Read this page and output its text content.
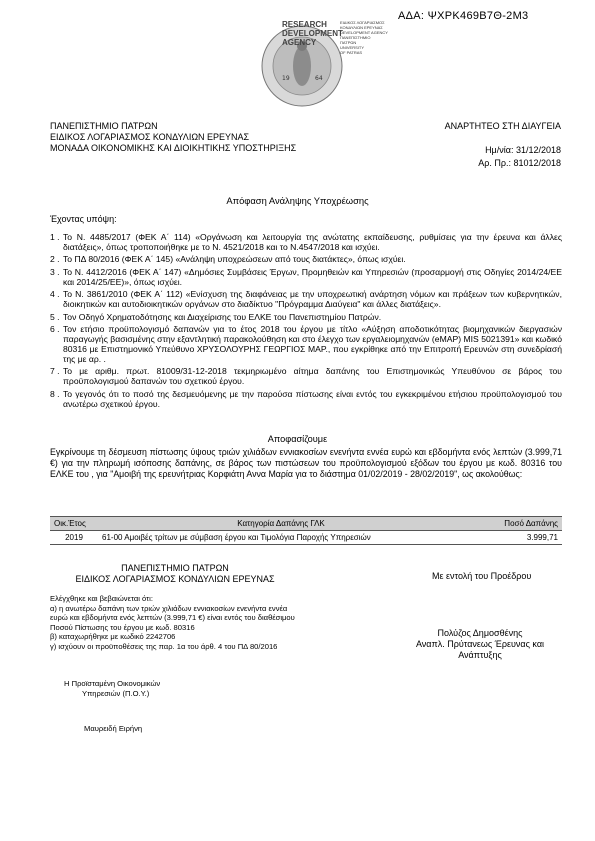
ΑΔΑ: ΨΧΡΚ469Β7Θ-2Μ3
19	64
RESEARCH
DEVELOPMENT
AGENCY
ΕΙΔΙΚΟΣ ΛΟΓΑΡΙΑΣΜΟΣ
ΚΟΝΔΥΛΙΩΝ ΕΡΕΥΝΑΣ
DEVELOPMENT AGENCY
ΠΑΝΕΠΙΣΤΗΜΙΟ
ΠΑΤΡΩΝ
UNIVERSITY
OF PATRAS
ΠΑΝΕΠΙΣΤΗΜΙΟ ΠΑΤΡΩΝ
ΕΙΔΙΚΟΣ ΛΟΓΑΡΙΑΣΜΟΣ ΚΟΝΔΥΛΙΩΝ ΕΡΕΥΝΑΣ
ΜΟΝΑΔΑ ΟΙΚΟΝΟΜΙΚΗΣ ΚΑΙ ΔΙΟΙΚΗΤΙΚΗΣ ΥΠΟΣΤΗΡΙΞΗΣ
ΑΝΑΡΤΗΤΕΟ ΣΤΗ ΔΙΑΥΓΕΙΑ
Ημ/νία: 31/12/2018
Αρ. Πρ.: 81012/2018
Απόφαση Ανάληψης Υποχρέωσης
Έχοντας υπόψη:
1 . Το Ν. 4485/2017 (ΦΕΚ Α΄ 114) «Οργάνωση και λειτουργία της ανώτατης εκπαίδευσης, ρυθμίσεις για την έρευνα και άλλες διατάξεις», όπως τροποποιήθηκε με το Ν. 4521/2018 και το Ν.4547/2018 και ισχύει.
2 . Το ΠΔ 80/2016 (ΦΕΚ Α΄ 145) «Ανάληψη υποχρεώσεων από τους διατάκτες», όπως ισχύει.
3 . Το Ν. 4412/2016 (ΦΕΚ Α΄ 147) «Δημόσιες Συμβάσεις Έργων, Προμηθειών και Υπηρεσιών (προσαρμογή στις Οδηγίες 2014/24/ΕΕ και 2014/25/ΕΕ)», όπως ισχύει.
4 . Το Ν. 3861/2010 (ΦΕΚ Α΄ 112) «Ενίσχυση της διαφάνειας με την υποχρεωτική ανάρτηση νόμων και πράξεων των κυβερνητικών, διοικητικών και αυτοδιοικητικών οργάνων στο διαδίκτυο "Πρόγραμμα Διαύγεια" και άλλες διατάξεις».
5 . Τον Οδηγό Χρηματοδότησης και Διαχείρισης του ΕΛΚΕ του Πανεπιστημίου Πατρών.
6 . Τον ετήσιο προϋπολογισμό δαπανών για το έτος 2018 του έργου με τίτλο «Αύξηση αποδοτικότητας βιομηχανικών διεργασιών παραγωγής βασισμένης στην εξαντλητική παρακολούθηση και στο έλεγχο των εργαλειομηχανών (eMAP) MIS 5021391» και κωδικό 80316 με Επιστημονικό Υπεύθυνο ΧΡΥΣΟΛΟΥΡΗΣ ΓΕΩΡΓΙΟΣ ΜΑΡ., που εγκρίθηκε από την Επιτροπή Ερευνών στη συνεδρίασή της με αρ. .
7 . Το με αριθμ. πρωτ. 81009/31-12-2018 τεκμηριωμένο αίτημα δαπάνης του Επιστημονικώς Υπευθύνου σε βάρος του προϋπολογισμού δαπανών του σχετικού έργου.
8 . Το γεγονός ότι το ποσό της δεσμευόμενης με την παρούσα πίστωσης είναι εντός του εγκεκριμένου ετήσιου προϋπολογισμού του ανωτέρω σχετικού έργου.
Αποφασίζουμε
Εγκρίνουμε τη δέσμευση πίστωσης ύψους τριών χιλιάδων εννιακοσίων ενενήντα εννέα ευρώ και εβδομήντα ενός λεπτών (3.999,71 €) για την πληρωμή ισόποσης δαπάνης, σε βάρος των πιστώσεων του προϋπολογισμού εξόδων του έργου με κωδ. 80316 του ΕΛΚΕ του , για "Αμοιβή της ερευνήτριας Κορφιάτη Αννα Μαρία για το διάστημα 01/02/2019 - 28/02/2019", ως ακολούθως:
Οικ.Έτος	Κατηγορία Δαπάνης ΓΛΚ	Ποσό Δαπάνης
2019	61-00 Αμοιβές τρίτων με σύμβαση έργου και Τιμολόγια Παροχής Υπηρεσιών	3.999,71
ΠΑΝΕΠΙΣΤΗΜΙΟ ΠΑΤΡΩΝ
ΕΙΔΙΚΟΣ ΛΟΓΑΡΙΑΣΜΟΣ ΚΟΝΔΥΛΙΩΝ ΕΡΕΥΝΑΣ	Με εντολή του Προέδρου
Ελέγχθηκε και βεβαιώνεται ότι:
α) η ανωτέρω δαπάνη των τριών χιλιάδων εννιακοσίων ενενήντα εννέα
ευρώ και εβδομήντα ενός λεπτών (3.999,71 €) είναι εντός του διαθέσιμου
Ποσού Πίστωσης του έργου με κωδ. 80316
β) καταχωρήθηκε με κωδικό 2242706
γ) ισχύουν οι προϋποθέσεις της παρ. 1α του άρθ. 4 του ΠΔ 80/2016
Πολύζος Δημοσθένης
Αναπλ. Πρύτανεως Έρευνας και
Ανάπτυξης
Η Προϊσταμένη Οικονομικών
Υπηρεσιών (Π.Ο.Υ.)
Μαυρειδή Ειρήνη
